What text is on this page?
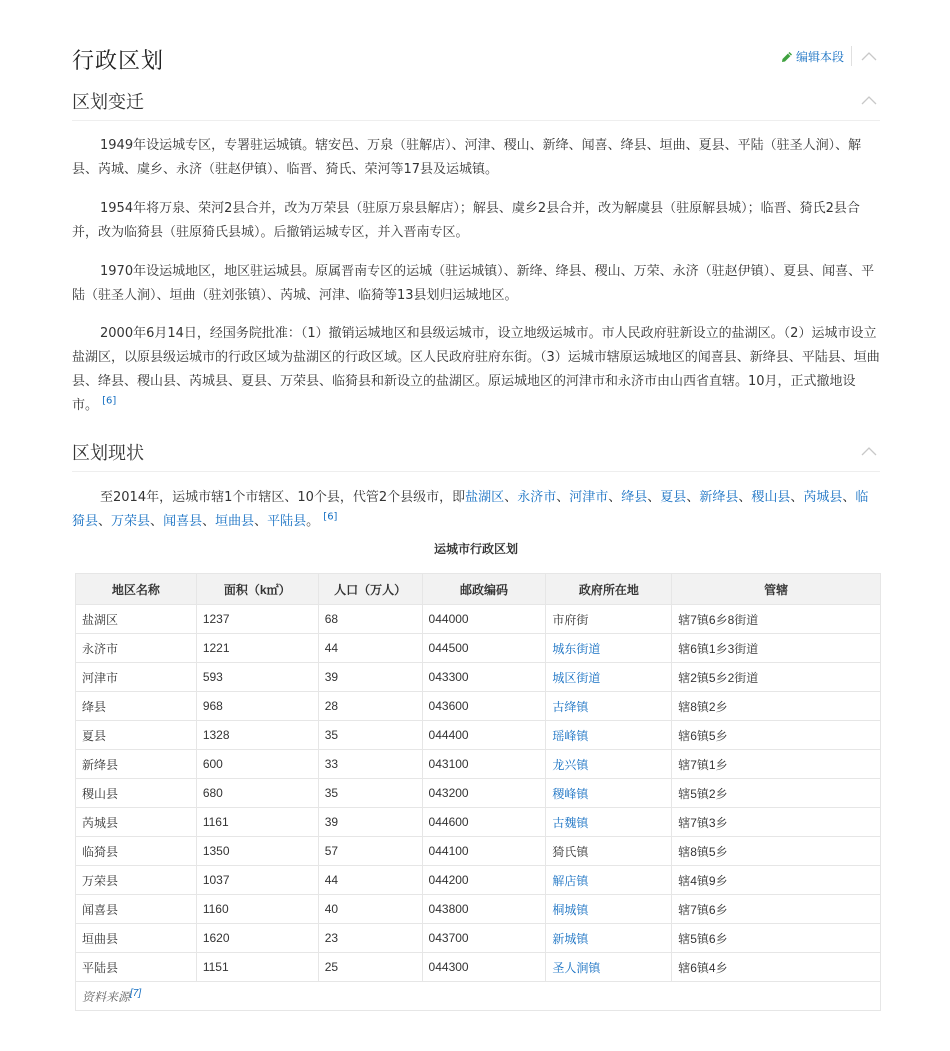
行政区划	编辑本段
区划变迁

1949年设运城专区，专署驻运城镇。辖安邑、万泉（驻解店）、河津、稷山、新绛、闻喜、绛县、垣曲、夏县、平陆（驻圣人涧）、解县、芮城、虞乡、永济（驻赵伊镇）、临晋、猗氏、荣河等17县及运城镇。

1954年将万泉、荣河2县合并，改为万荣县（驻原万泉县解店）；解县、虞乡2县合并，改为解虞县（驻原解县城）；临晋、猗氏2县合并，改为临猗县（驻原猗氏县城）。后撤销运城专区，并入晋南专区。

1970年设运城地区，地区驻运城县。原属晋南专区的运城（驻运城镇）、新绛、绛县、稷山、万荣、永济（驻赵伊镇）、夏县、闻喜、平陆（驻圣人涧）、垣曲（驻刘张镇）、芮城、河津、临猗等13县划归运城地区。

2000年6月14日，经国务院批准：（1）撤销运城地区和县级运城市，设立地级运城市。市人民政府驻新设立的盐湖区。（2）运城市设立盐湖区，以原县级运城市的行政区域为盐湖区的行政区域。区人民政府驻府东街。（3）运城市辖原运城地区的闻喜县、新绛县、平陆县、垣曲县、绛县、稷山县、芮城县、夏县、万荣县、临猗县和新设立的盐湖区。原运城地区的河津市和永济市由山西省直辖。10月，正式撤地设市。 [6]

区划现状

至2014年，运城市辖1个市辖区、10个县，代管2个县级市，即盐湖区、永济市、河津市、绛县、夏县、新绛县、稷山县、芮城县、临猗县、万荣县、闻喜县、垣曲县、平陆县。 [6]

运城市行政区划
地区名称	面积（k㎡）	人口（万人）	邮政编码	政府所在地	管辖
盐湖区	1237	68	044000	市府街	辖7镇6乡8街道
永济市	1221	44	044500	城东街道	辖6镇1乡3街道
河津市	593	39	043300	城区街道	辖2镇5乡2街道
绛县	968	28	043600	古绛镇	辖8镇2乡
夏县	1328	35	044400	瑶峰镇	辖6镇5乡
新绛县	600	33	043100	龙兴镇	辖7镇1乡
稷山县	680	35	043200	稷峰镇	辖5镇2乡
芮城县	1161	39	044600	古魏镇	辖7镇3乡
临猗县	1350	57	044100	猗氏镇	辖8镇5乡
万荣县	1037	44	044200	解店镇	辖4镇9乡
闻喜县	1160	40	043800	桐城镇	辖7镇6乡
垣曲县	1620	23	043700	新城镇	辖5镇6乡
平陆县	1151	25	044300	圣人涧镇	辖6镇4乡
资料来源[7]
